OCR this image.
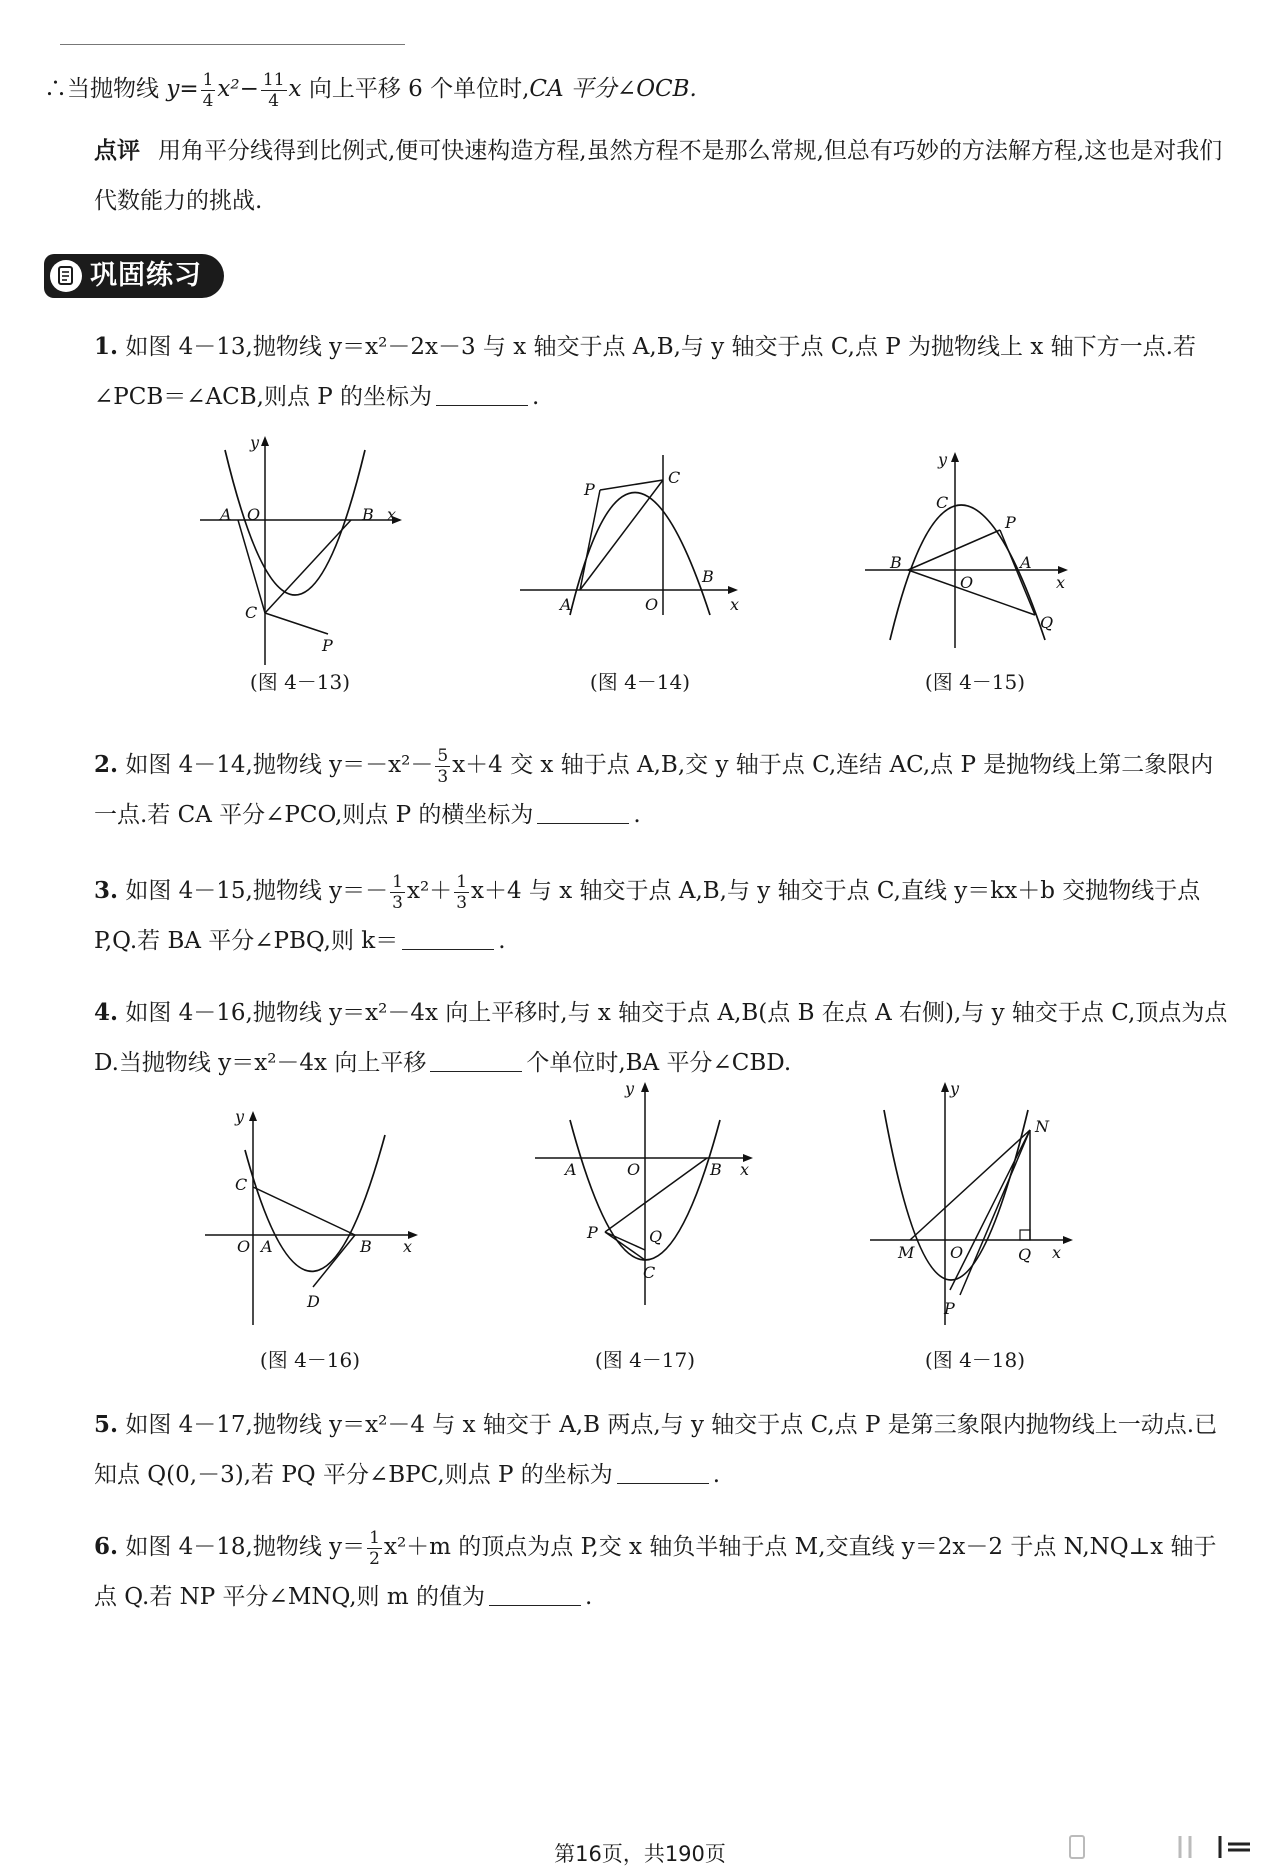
∴当抛物线 $y= \frac{1}{4} x^2- \frac{11}{4}$ x 向上平移 6 个单位时,CA 平分∠OCB.
点评 用角平分线得到比例式,便可快速构造方程,虽然方程不是那么常规,但总有巧妙的方法解方程,这也是对我们代数能力的挑战.
巩固练习
1. 如图 4－13,抛物线 y＝x²－2x－3 与 x 轴交于点 A,B,与 y 轴交于点 C,点 P 为抛物线上 x 轴下方一点.若∠PCB＝∠ACB,则点 P 的坐标为	.
y
A O	B x
C
P
(图 4－13)
P
C
A	O
B
x
(图 4－14)
y
C
P
B	A
O	x
Q
(图 4－15)
2. 如图 4－14,抛物线 $y=-x^2- \frac{5}{3} x+4$ 交 x 轴于点 A,B,交 y 轴于点 C,连结 AC,点 P 是抛物线上第二象限内一点.若 CA 平分∠PCO,则点 P 的横坐标为	.
3. 如图 4－15,抛物线 $y=- \frac{1}{3} x^2+ \frac{1}{3} x+4$ 与 x 轴交于点 A,B,与 y 轴交于点 C,直线 y＝kx＋b 交抛物线于点 P,Q.若 BA 平分∠PBQ,则 k＝	.
4. 如图 4－16,抛物线 y＝x²－4x 向上平移时,与 x 轴交于点 A,B(点 B 在点 A 右侧),与 y 轴交于点 C,顶点为点 D.当抛物线 y＝x²－4x 向上平移	个单位时,BA 平分∠CBD.
y
C
O A	B x
D
(图 4－16)
y
A	O	B x
P	Q
C
(图 4－17)
y
N
M O	Q x
P
(图 4－18)
5. 如图 4－17,抛物线 y＝x²－4 与 x 轴交于 A,B 两点,与 y 轴交于点 C,点 P 是第三象限内抛物线上一动点.已知点 Q(0,－3),若 PQ 平分∠BPC,则点 P 的坐标为	.
6. 如图 4－18,抛物线 $y= \frac{1}{2} x^2+m$ 的顶点为点 P,交 x 轴负半轴于点 M,交直线 y＝2x－2 于点 N,NQ⊥x 轴于点 Q.若 NP 平分∠MNQ,则 m 的值为	.
第16页，共190页
